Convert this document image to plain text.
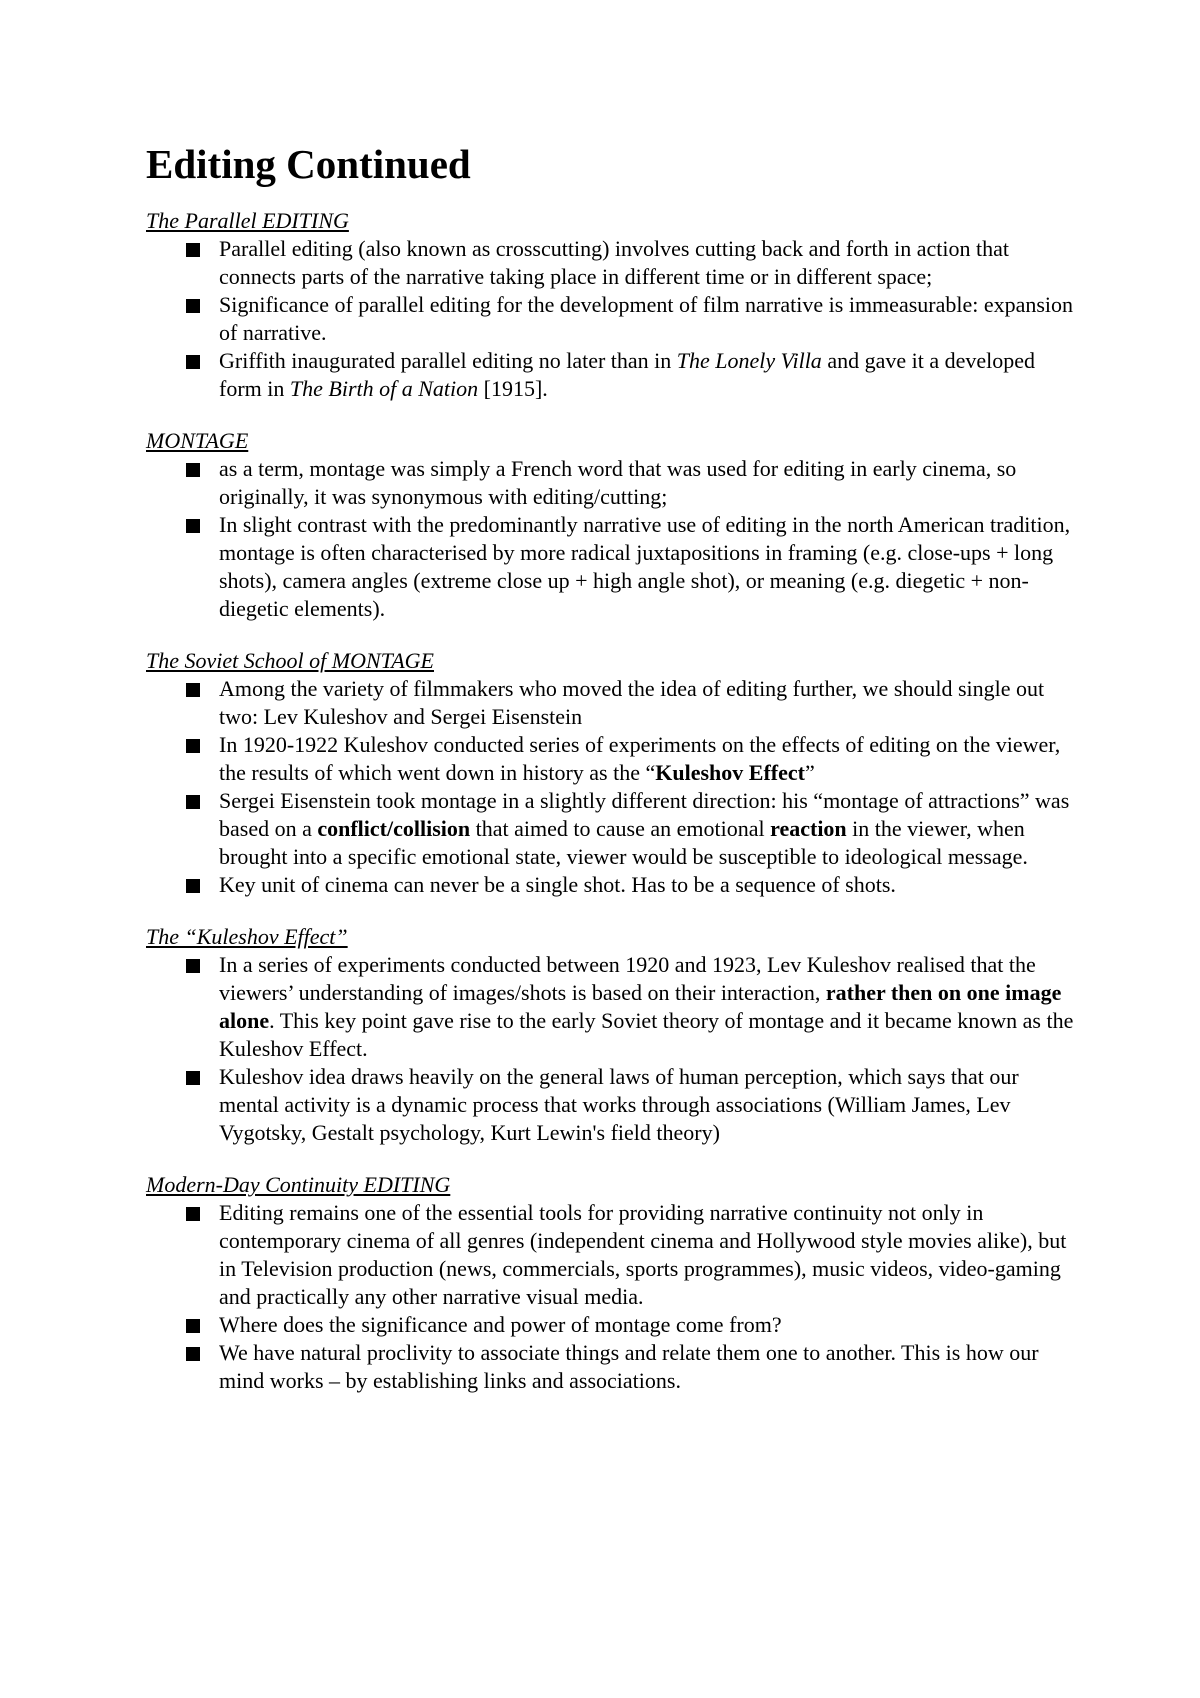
Editing Continued
The Parallel EDITING
Parallel editing (also known as crosscutting) involves cutting back and forth in action that connects parts of the narrative taking place in different time or in different space;
Significance of parallel editing for the development of film narrative is immeasurable: expansion of narrative.
Griffith inaugurated parallel editing no later than in The Lonely Villa and gave it a developed form in The Birth of a Nation [1915].
MONTAGE
as a term, montage was simply a French word that was used for editing in early cinema, so originally, it was synonymous with editing/cutting;
In slight contrast with the predominantly narrative use of editing in the north American tradition, montage is often characterised by more radical juxtapositions in framing (e.g. close-ups + long shots), camera angles (extreme close up + high angle shot), or meaning (e.g. diegetic + non-diegetic elements).
The Soviet School of MONTAGE
Among the variety of filmmakers who moved the idea of editing further, we should single out two: Lev Kuleshov and Sergei Eisenstein
In 1920-1922 Kuleshov conducted series of experiments on the effects of editing on the viewer, the results of which went down in history as the “Kuleshov Effect”
Sergei Eisenstein took montage in a slightly different direction: his “montage of attractions” was based on a conflict/collision that aimed to cause an emotional reaction in the viewer, when brought into a specific emotional state, viewer would be susceptible to ideological message.
Key unit of cinema can never be a single shot. Has to be a sequence of shots.
The “Kuleshov Effect”
In a series of experiments conducted between 1920 and 1923, Lev Kuleshov realised that the viewers’ understanding of images/shots is based on their interaction, rather then on one image alone. This key point gave rise to the early Soviet theory of montage and it became known as the Kuleshov Effect.
Kuleshov idea draws heavily on the general laws of human perception, which says that our mental activity is a dynamic process that works through associations (William James, Lev Vygotsky, Gestalt psychology, Kurt Lewin's field theory)
Modern-Day Continuity EDITING
Editing remains one of the essential tools for providing narrative continuity not only in contemporary cinema of all genres (independent cinema and Hollywood style movies alike), but in Television production (news, commercials, sports programmes), music videos, video-gaming and practically any other narrative visual media.
Where does the significance and power of montage come from?
We have natural proclivity to associate things and relate them one to another. This is how our mind works – by establishing links and associations.
